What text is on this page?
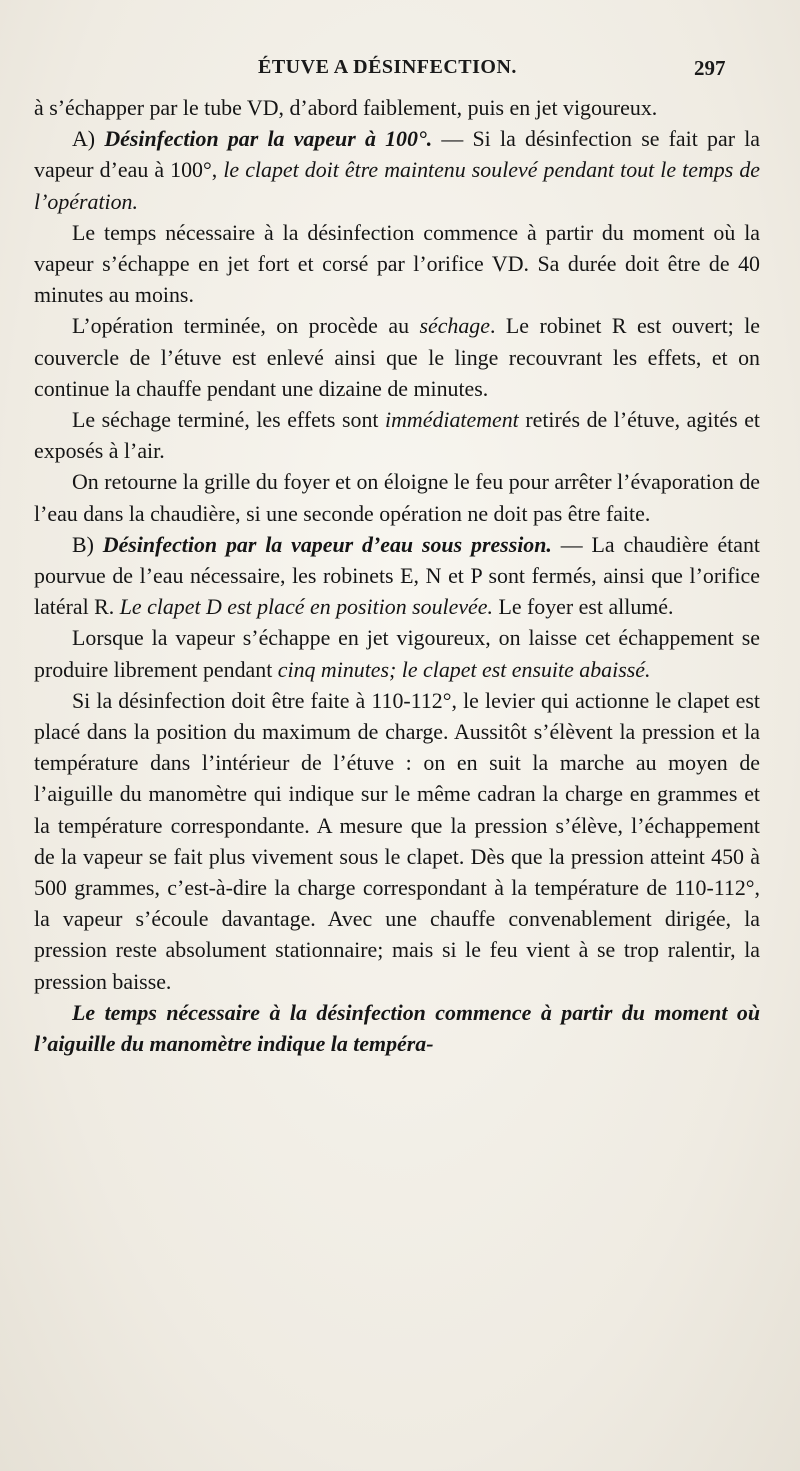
ÉTUVE A DÉSINFECTION.	297

à s’échapper par le tube VD, d’abord faiblement, puis en jet vigoureux.

A) Désinfection par la vapeur à 100°. — Si la désinfection se fait par la vapeur d’eau à 100°, le clapet doit être maintenu soulevé pendant tout le temps de l’opération.

Le temps nécessaire à la désinfection commence à partir du moment où la vapeur s’échappe en jet fort et corsé par l’orifice VD. Sa durée doit être de 40 minutes au moins.

L’opération terminée, on procède au séchage. Le robinet R est ouvert; le couvercle de l’étuve est enlevé ainsi que le linge recouvrant les effets, et on continue la chauffe pendant une dizaine de minutes.

Le séchage terminé, les effets sont immédiatement retirés de l’étuve, agités et exposés à l’air.

On retourne la grille du foyer et on éloigne le feu pour arrêter l’évaporation de l’eau dans la chaudière, si une seconde opération ne doit pas être faite.

B) Désinfection par la vapeur d’eau sous pression. — La chaudière étant pourvue de l’eau nécessaire, les robinets E, N et P sont fermés, ainsi que l’orifice latéral R. Le clapet D est placé en position soulevée. Le foyer est allumé.

Lorsque la vapeur s’échappe en jet vigoureux, on laisse cet échappement se produire librement pendant cinq minutes; le clapet est ensuite abaissé.

Si la désinfection doit être faite à 110-112°, le levier qui actionne le clapet est placé dans la position du maximum de charge. Aussitôt s’élèvent la pression et la température dans l’intérieur de l’étuve : on en suit la marche au moyen de l’aiguille du manomètre qui indique sur le même cadran la charge en grammes et la température correspondante. A mesure que la pression s’élève, l’échappement de la vapeur se fait plus vivement sous le clapet. Dès que la pression atteint 450 à 500 grammes, c’est-à-dire la charge correspondant à la température de 110-112°, la vapeur s’écoule davantage. Avec une chauffe convenablement dirigée, la pression reste absolument stationnaire; mais si le feu vient à se trop ralentir, la pression baisse.

Le temps nécessaire à la désinfection commence à partir du moment où l’aiguille du manomètre indique la tempéra-
